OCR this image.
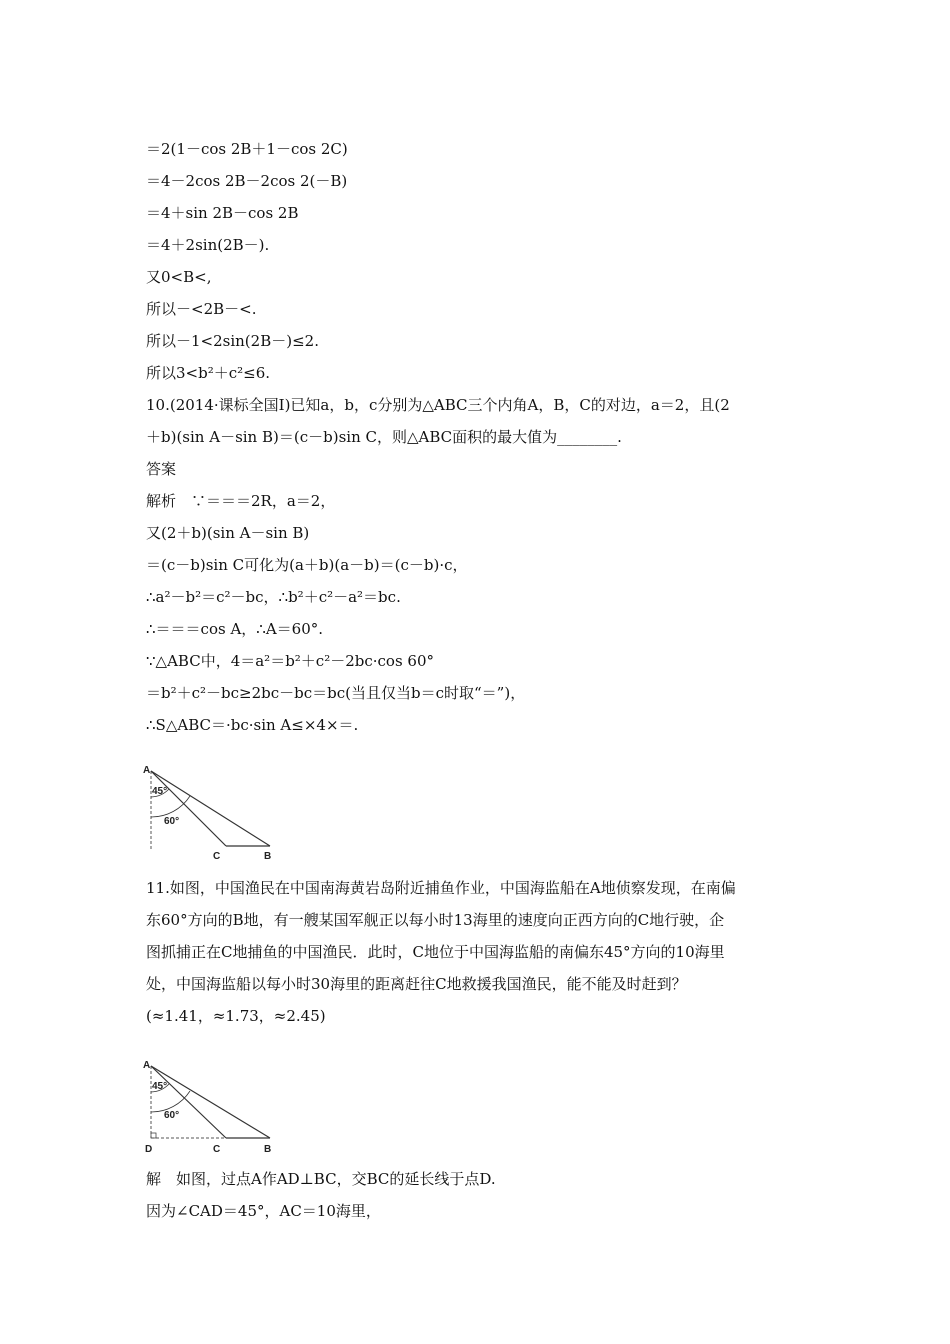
＝2(1－cos 2B＋1－cos 2C)
＝4－2cos 2B－2cos 2(－B)
＝4＋sin 2B－cos 2B
＝4＋2sin(2B－).
又0<B<,
所以－<2B－<.
所以－1<2sin(2B－)≤2.
所以3<b²＋c²≤6.
10.(2014·课标全国Ⅰ)已知a，b，c分别为△ABC三个内角A，B，C的对边，a＝2，且(2
＋b)(sin A－sin B)＝(c－b)sin C，则△ABC面积的最大值为________.
答案
解析　∵＝＝＝2R，a＝2，
又(2＋b)(sin A－sin B)
＝(c－b)sin C可化为(a＋b)(a－b)＝(c－b)·c，
∴a²－b²＝c²－bc，∴b²＋c²－a²＝bc.
∴＝＝＝cos A，∴A＝60°.
∵△ABC中，4＝a²＝b²＋c²－2bc·cos 60°
＝b²＋c²－bc≥2bc－bc＝bc(当且仅当b＝c时取“＝”)，
∴S△ABC＝·bc·sin A≤×4×＝.
A
45°
60°
C	B
11.如图，中国渔民在中国南海黄岩岛附近捕鱼作业，中国海监船在A地侦察发现，在南偏
东60°方向的B地，有一艘某国军舰正以每小时13海里的速度向正西方向的C地行驶，企
图抓捕正在C地捕鱼的中国渔民．此时，C地位于中国海监船的南偏东45°方向的10海里
处，中国海监船以每小时30海里的距离赶往C地救援我国渔民，能不能及时赶到？
(≈1.41，≈1.73，≈2.45)
A
45°
60°
D	C	B
解　如图，过点A作AD⊥BC，交BC的延长线于点D.
因为∠CAD＝45°，AC＝10海里，
